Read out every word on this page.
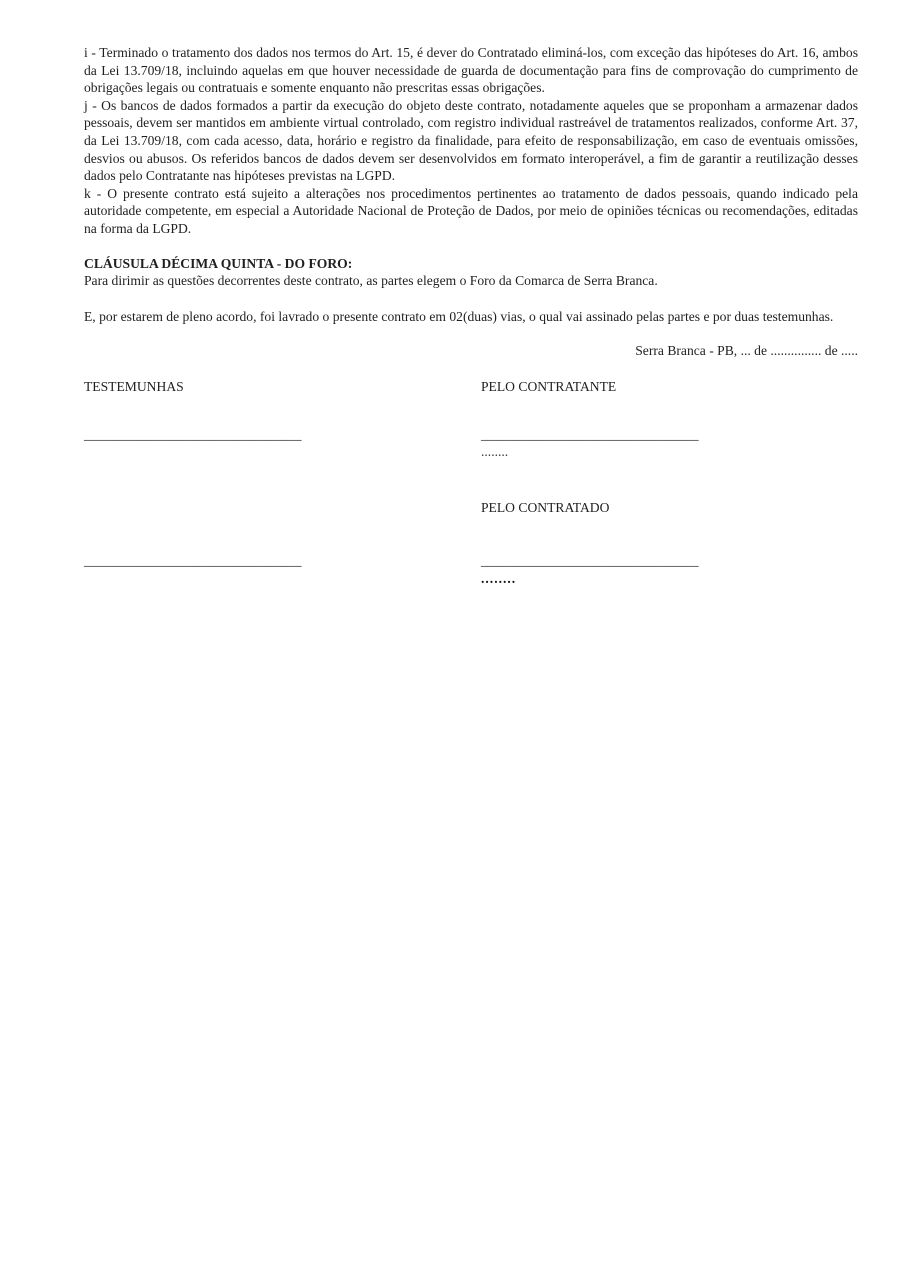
i - Terminado o tratamento dos dados nos termos do Art. 15, é dever do Contratado eliminá-los, com exceção das hipóteses do Art. 16, ambos da Lei 13.709/18, incluindo aquelas em que houver necessidade de guarda de documentação para fins de comprovação do cumprimento de obrigações legais ou contratuais e somente enquanto não prescritas essas obrigações.

j - Os bancos de dados formados a partir da execução do objeto deste contrato, notadamente aqueles que se proponham a armazenar dados pessoais, devem ser mantidos em ambiente virtual controlado, com registro individual rastreável de tratamentos realizados, conforme Art. 37, da Lei 13.709/18, com cada acesso, data, horário e registro da finalidade, para efeito de responsabilização, em caso de eventuais omissões, desvios ou abusos. Os referidos bancos de dados devem ser desenvolvidos em formato interoperável, a fim de garantir a reutilização desses dados pelo Contratante nas hipóteses previstas na LGPD.

k - O presente contrato está sujeito a alterações nos procedimentos pertinentes ao tratamento de dados pessoais, quando indicado pela autoridade competente, em especial a Autoridade Nacional de Proteção de Dados, por meio de opiniões técnicas ou recomendações, editadas na forma da LGPD.

CLÁUSULA DÉCIMA QUINTA - DO FORO:

Para dirimir as questões decorrentes deste contrato, as partes elegem o Foro da Comarca de Serra Branca.

E, por estarem de pleno acordo, foi lavrado o presente contrato em 02(duas) vias, o qual vai assinado pelas partes e por duas testemunhas.

Serra Branca - PB, ... de ............... de .....

TESTEMUNHAS	PELO CONTRATANTE
________________________________	________________________________
........
PELO CONTRATADO
________________________________	________________________________
........
